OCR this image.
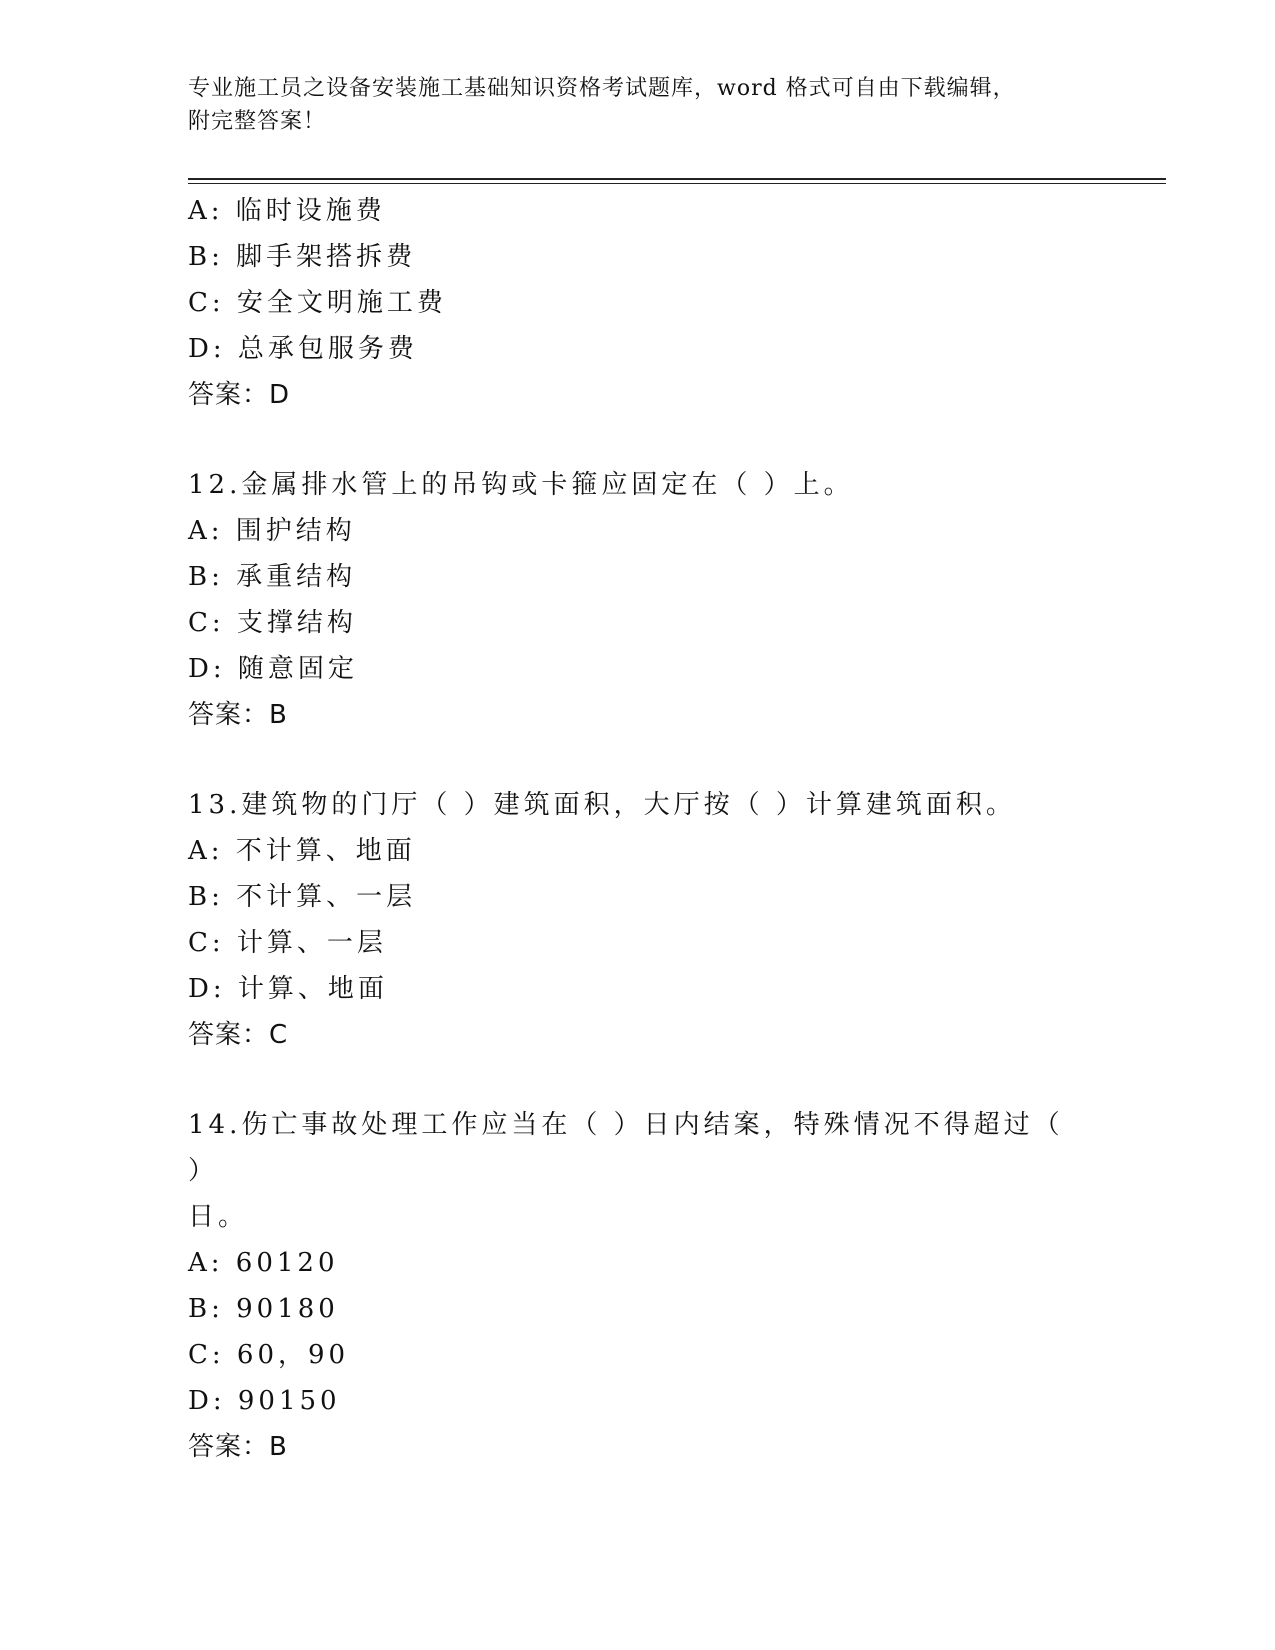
专业施工员之设备安装施工基础知识资格考试题库，word 格式可自由下载编辑，
附完整答案！
A: 临时设施费
B: 脚手架搭拆费
C: 安全文明施工费
D: 总承包服务费
答案：D
12.金属排水管上的吊钩或卡箍应固定在（ ）上。
A: 围护结构
B: 承重结构
C: 支撑结构
D: 随意固定
答案：B
13.建筑物的门厅（ ）建筑面积，大厅按（ ）计算建筑面积。
A: 不计算、地面
B: 不计算、一层
C: 计算、一层
D: 计算、地面
答案：C
14.伤亡事故处理工作应当在（ ）日内结案，特殊情况不得超过（ ）
日。
A: 60120
B: 90180
C: 60，90
D: 90150
答案：B
